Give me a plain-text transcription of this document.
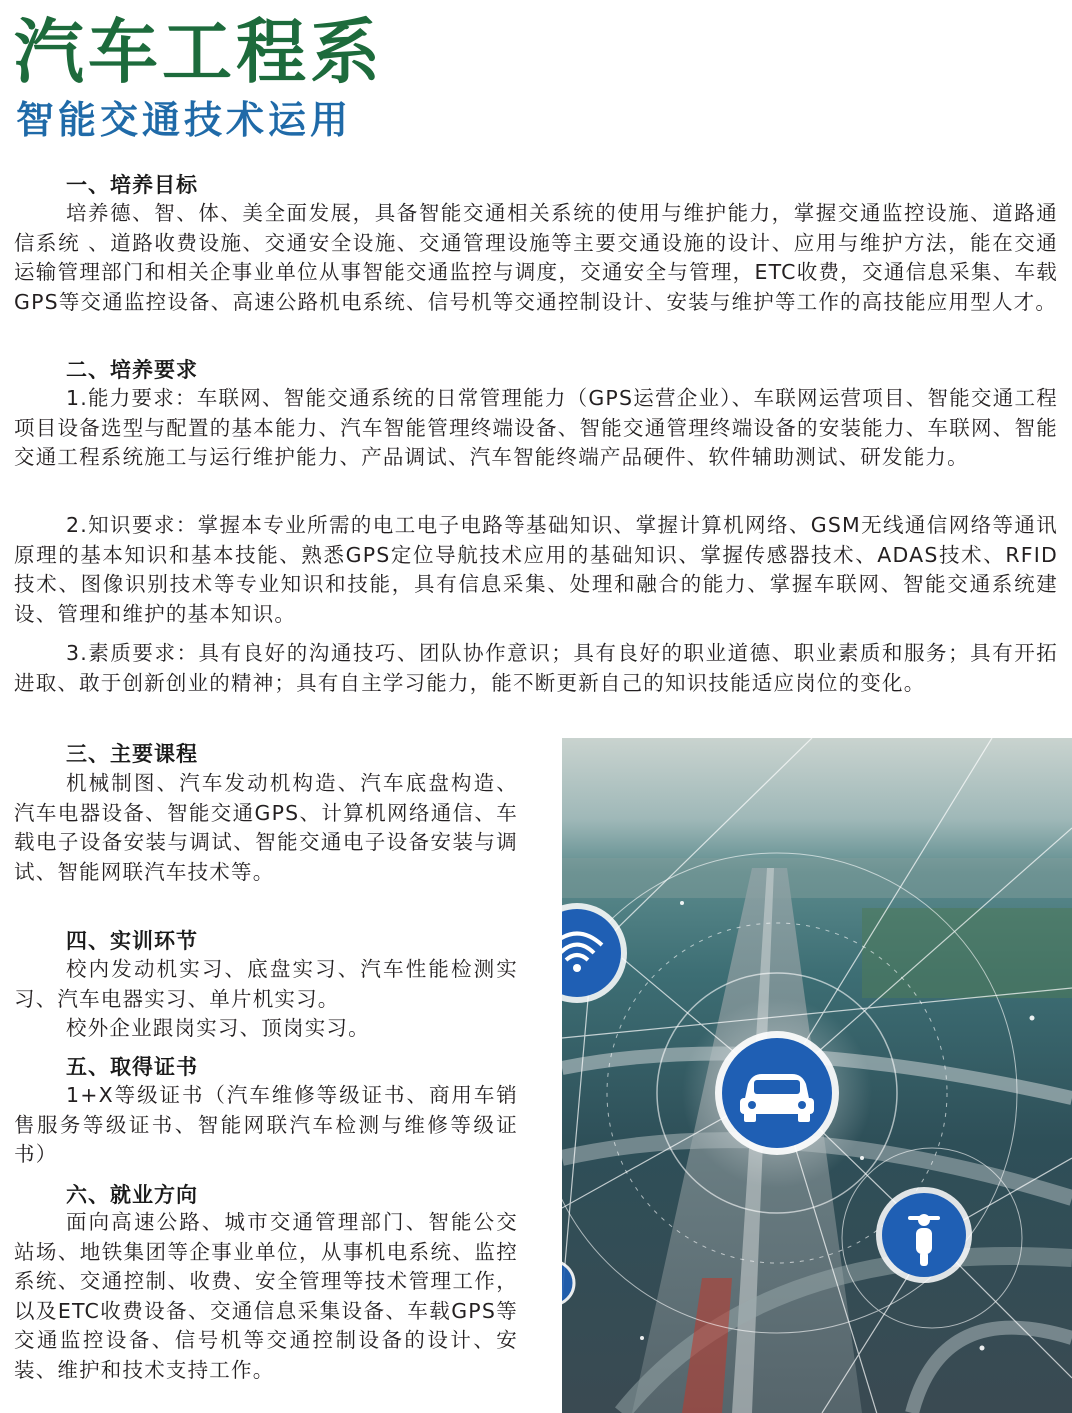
汽车工程系
智能交通技术运用
一、培养目标

培养德、智、体、美全面发展，具备智能交通相关系统的使用与维护能力，掌握交通监控设施、道路通信系统 、道路收费设施、交通安全设施、交通管理设施等主要交通设施的设计、应用与维护方法，能在交通运输管理部门和相关企事业单位从事智能交通监控与调度，交通安全与管理，ETC收费，交通信息采集、车载GPS等交通监控设备、高速公路机电系统、信号机等交通控制设计、安装与维护等工作的高技能应用型人才。

二、培养要求

1.能力要求：车联网、智能交通系统的日常管理能力（GPS运营企业）、车联网运营项目、智能交通工程项目设备选型与配置的基本能力、汽车智能管理终端设备、智能交通管理终端设备的安装能力、车联网、智能交通工程系统施工与运行维护能力、产品调试、汽车智能终端产品硬件、软件辅助测试、研发能力。

2.知识要求：掌握本专业所需的电工电子电路等基础知识、掌握计算机网络、GSM无线通信网络等通讯原理的基本知识和基本技能、熟悉GPS定位导航技术应用的基础知识、掌握传感器技术、ADAS技术、RFID技术、图像识别技术等专业知识和技能，具有信息采集、处理和融合的能力、掌握车联网、智能交通系统建设、管理和维护的基本知识。

3.素质要求：具有良好的沟通技巧、团队协作意识；具有良好的职业道德、职业素质和服务；具有开拓进取、敢于创新创业的精神；具有自主学习能力，能不断更新自己的知识技能适应岗位的变化。

三、主要课程

机械制图、汽车发动机构造、汽车底盘构造、汽车电器设备、智能交通GPS、计算机网络通信、车载电子设备安装与调试、智能交通电子设备安装与调试、智能网联汽车技术等。

四、实训环节

校内发动机实习、底盘实习、汽车性能检测实习、汽车电器实习、单片机实习。

校外企业跟岗实习、顶岗实习。

五、取得证书

1+X等级证书（汽车维修等级证书、商用车销售服务等级证书、智能网联汽车检测与维修等级证书）

六、就业方向

面向高速公路、城市交通管理部门、智能公交站场、地铁集团等企事业单位，从事机电系统、监控系统、交通控制、收费、安全管理等技术管理工作，以及ETC收费设备、交通信息采集设备、车载GPS等交通监控设备、信号机等交通控制设备的设计、安装、维护和技术支持工作。
